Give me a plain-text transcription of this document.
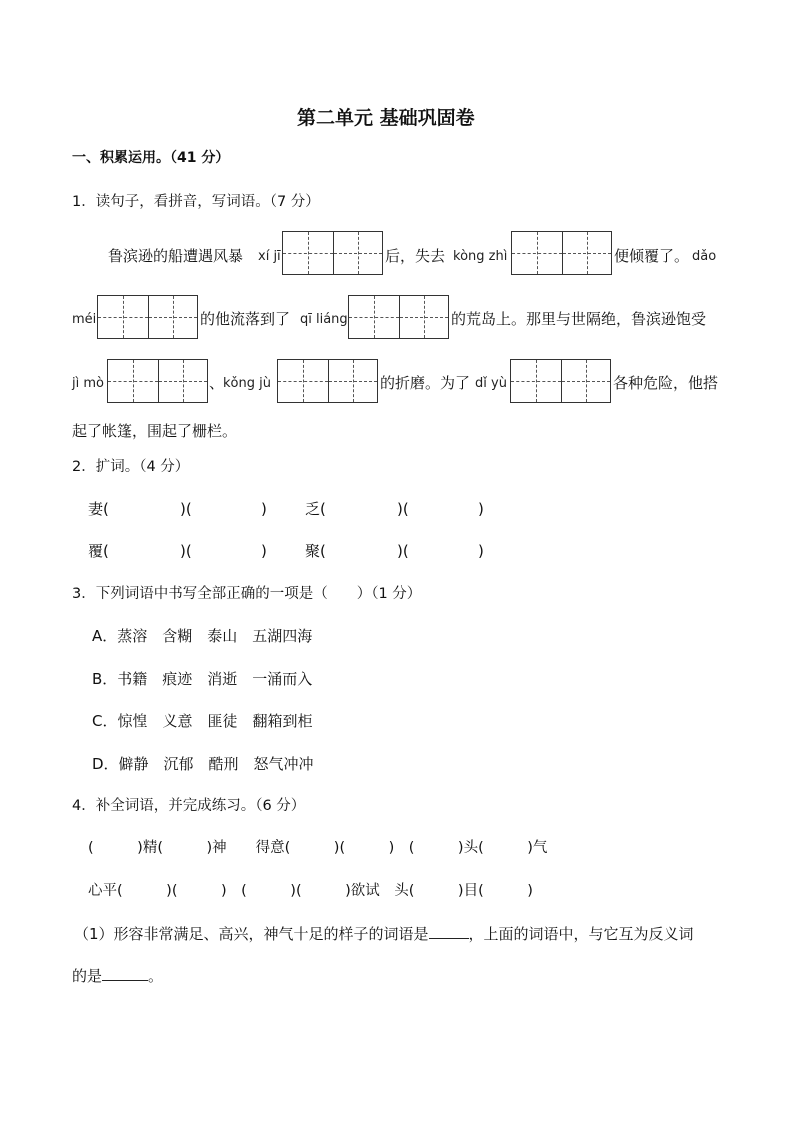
第二单元 基础巩固卷
一、积累运用。（41 分）
1．读句子，看拼音，写词语。（7 分）
鲁滨逊的船遭遇风暴 xí jī	后，失去 kòng zhì	便倾覆了。 dǎo
méi	的他流落到了 qī liáng	的荒岛上。那里与世隔绝，鲁滨逊饱受
jì mò	、
kǒng jù	的折磨。为了 dǐ yù	各种危险，他搭
起了帐篷，围起了栅栏。
2．扩词。（4 分）
妻(	)(	)	乏(	)(	)
覆(	)(	)	聚(	)(	)
3．下列词语中书写全部正确的一项是（　　）（1 分）
A．蒸溶　含糊　泰山　五湖四海
B．书籍　痕迹　消逝　一涌而入
C．惊惶　义意　匪徒　翻箱到柜
D．僻静　沉郁　酷刑　怒气冲冲
4．补全词语，并完成练习。（6 分）
(　　　)精(　　　)神　　得意(　　　)(　　　)　(　　　)头(　　　)气
心平(　　　)(　　　)　(　　　)(　　　)欲试　头(　　　)目(　　　)
（1）形容非常满足、高兴，神气十足的样子的词语是	，上面的词语中，与它互为反义词
的是	。
